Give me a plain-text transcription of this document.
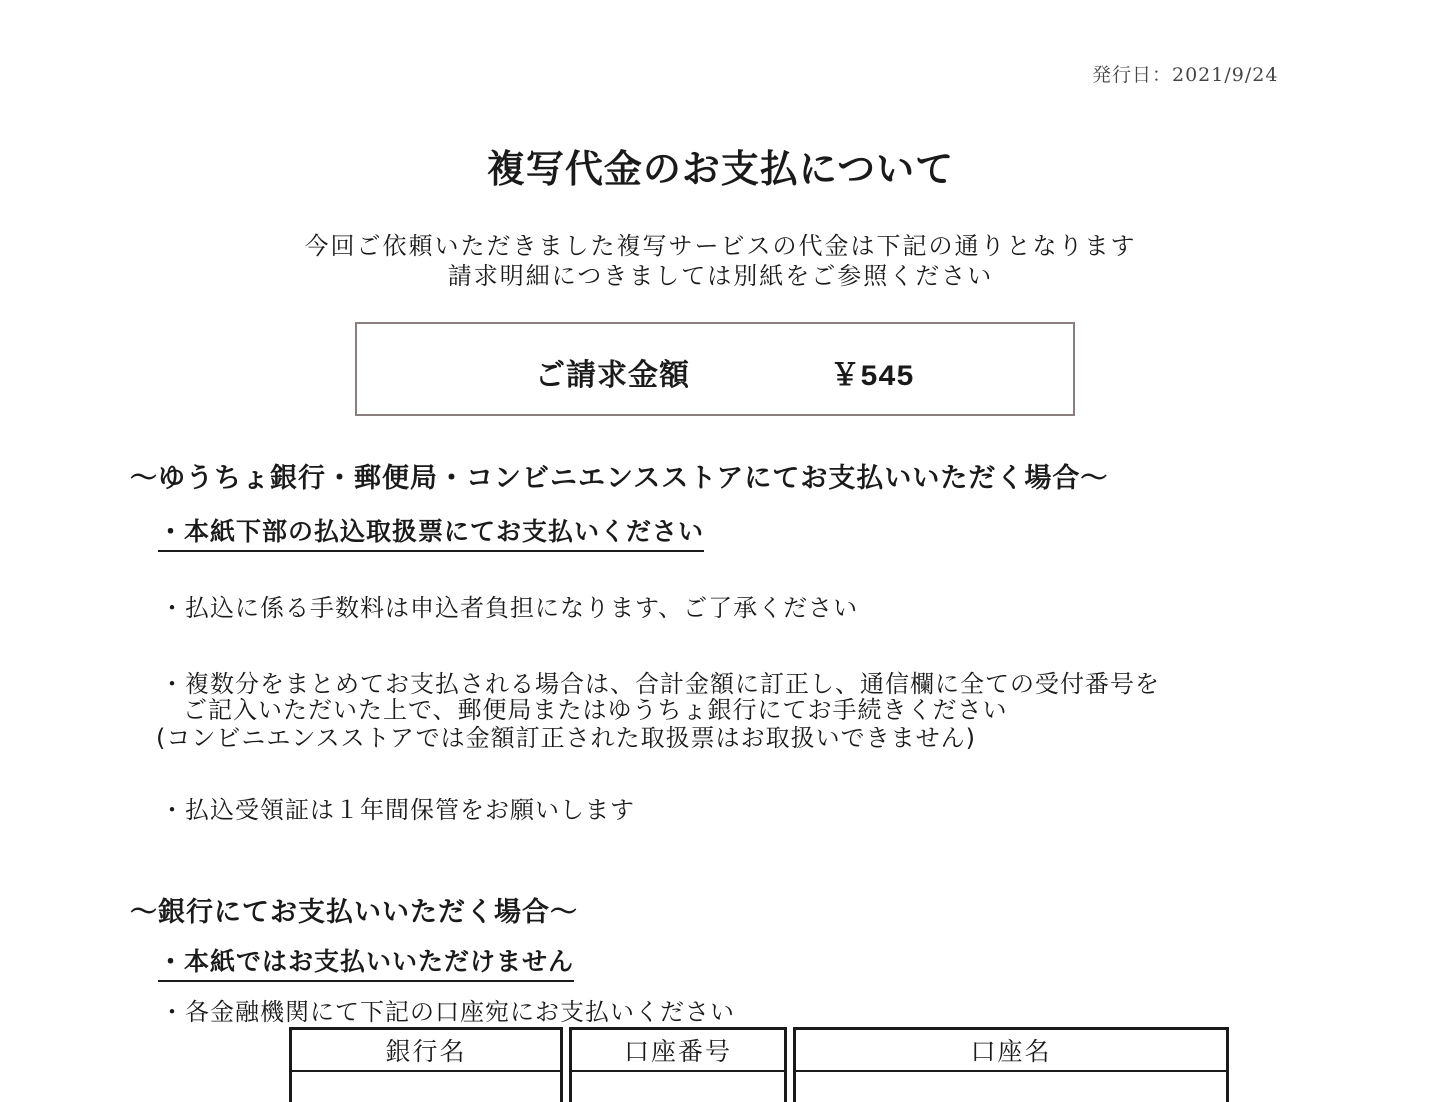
発行日：2021/9/24
複写代金のお支払について
今回ご依頼いただきました複写サービスの代金は下記の通りとなります
請求明細につきましては別紙をご参照ください
ご請求金額	￥545
～ゆうちょ銀行・郵便局・コンビニエンスストアにてお支払いいただく場合～
・本紙下部の払込取扱票にてお支払いください
・払込に係る手数料は申込者負担になります、ご了承ください
・複数分をまとめてお支払される場合は、合計金額に訂正し、通信欄に全ての受付番号を
ご記入いただいた上で、郵便局またはゆうちょ銀行にてお手続きください
(コンビニエンスストアでは金額訂正された取扱票はお取扱いできません)
・払込受領証は１年間保管をお願いします
～銀行にてお支払いいただく場合～
・本紙ではお支払いいただけません
・各金融機関にて下記の口座宛にお支払いください
銀行名	口座番号	口座名
